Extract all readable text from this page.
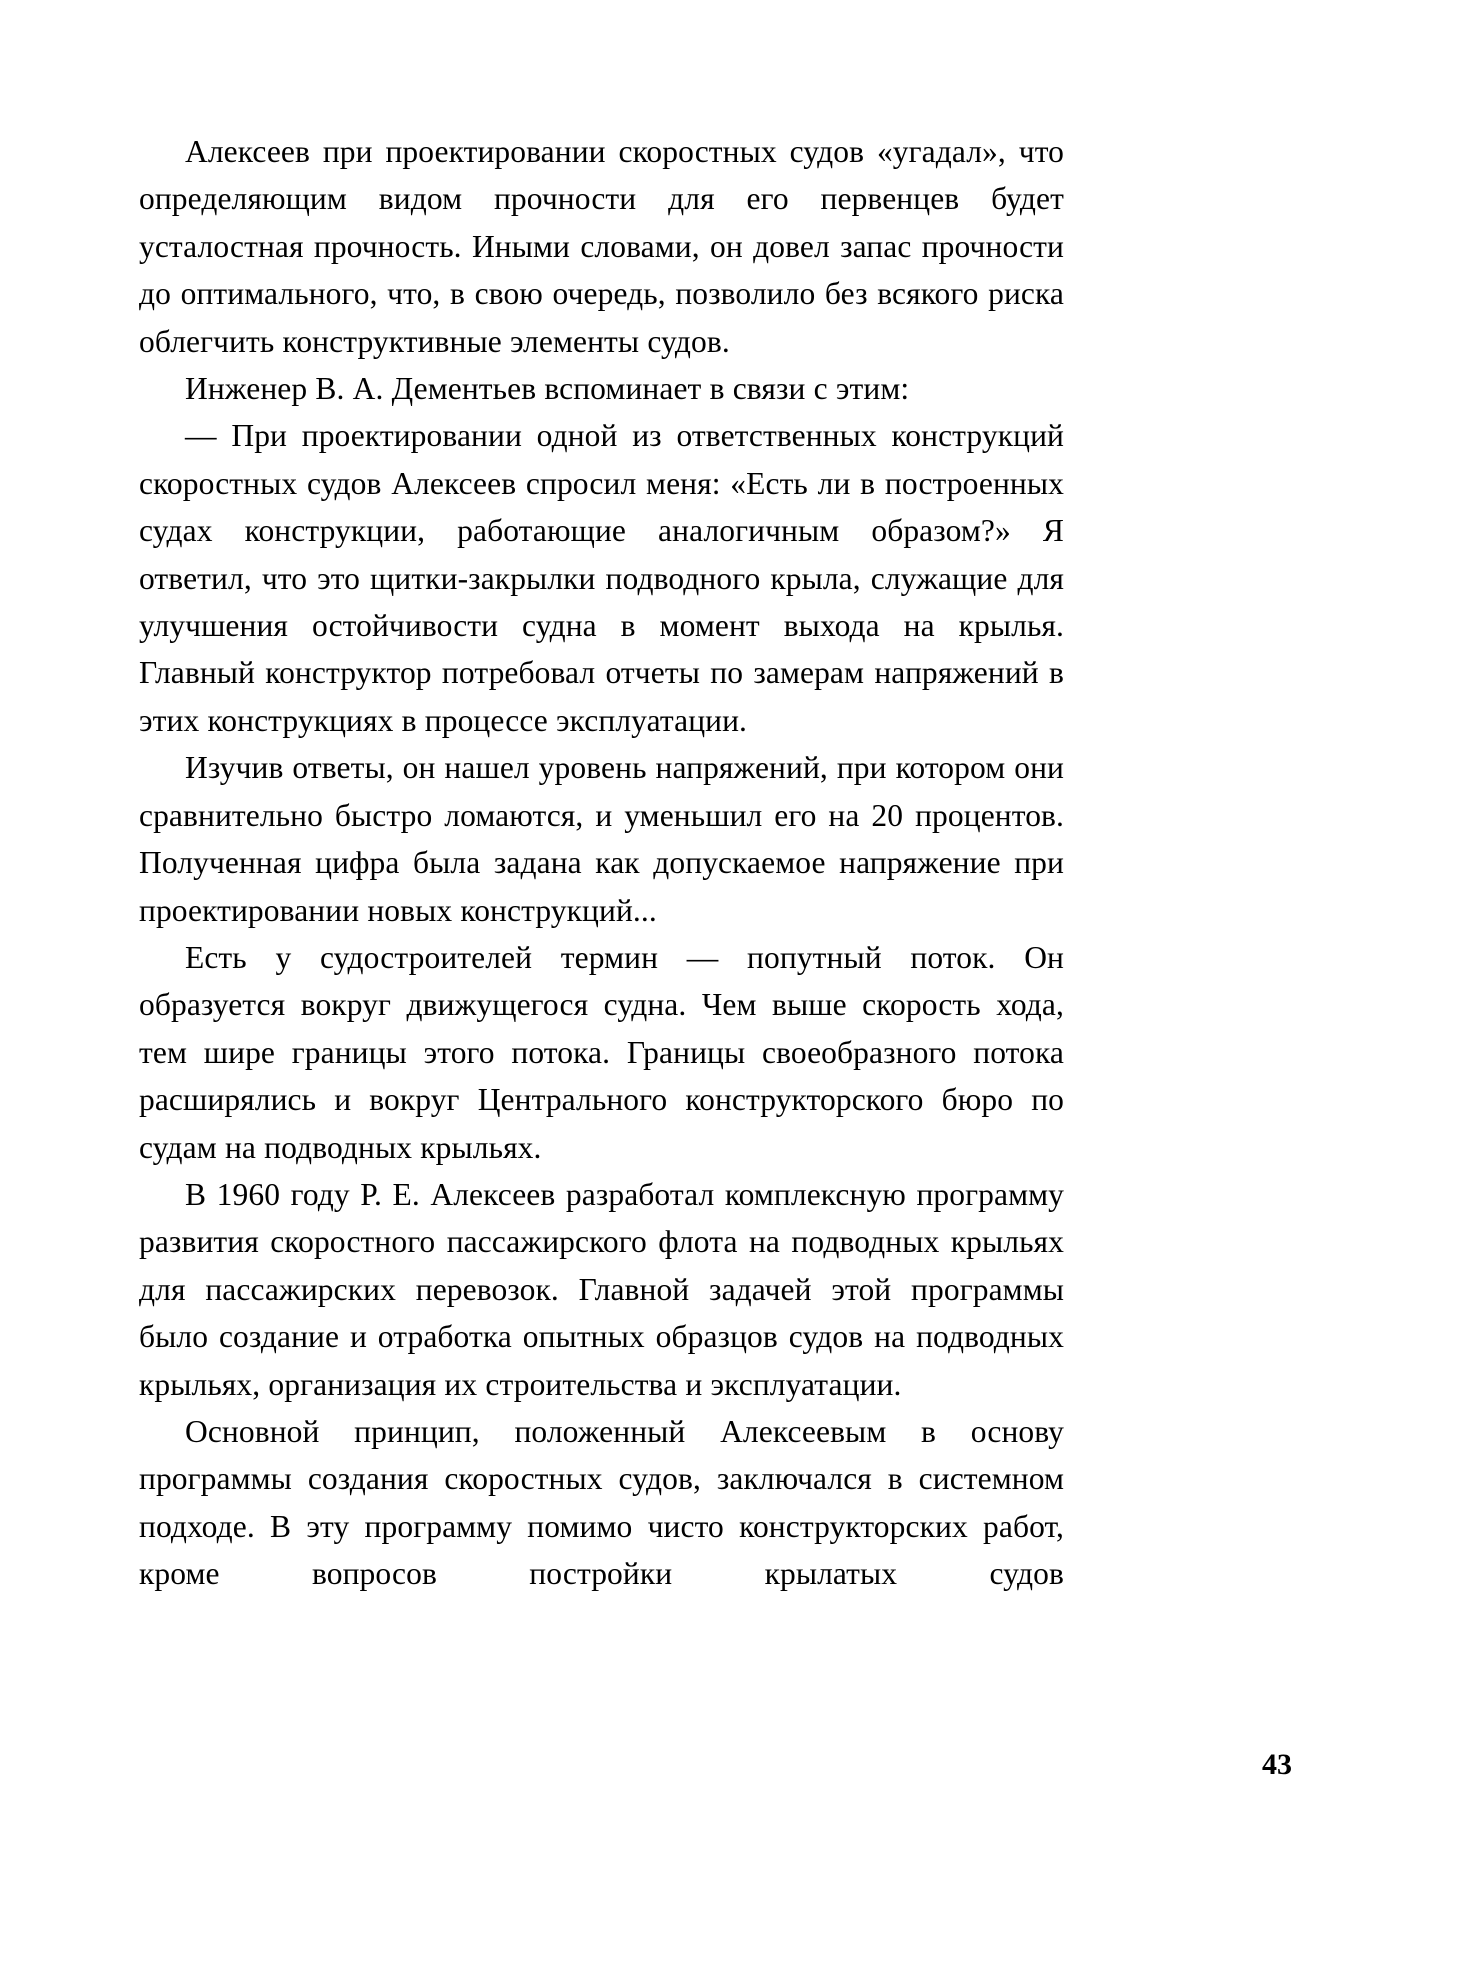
Алексеев при проектировании скоростных судов «угадал», что определяющим видом прочности для его первенцев будет усталостная прочность. Иными словами, он довел запас прочности до оптимального, что, в свою очередь, позволило без всякого риска облегчить конструктивные элементы судов.

Инженер В. А. Дементьев вспоминает в связи с этим:

— При проектировании одной из ответственных конструкций скоростных судов Алексеев спросил меня: «Есть ли в построенных судах конструкции, работающие аналогичным образом?» Я ответил, что это щитки-закрылки подводного крыла, служащие для улучшения остойчивости судна в момент выхода на крылья. Главный конструктор потребовал отчеты по замерам напряжений в этих конструкциях в процессе эксплуатации.

Изучив ответы, он нашел уровень напряжений, при котором они сравнительно быстро ломаются, и уменьшил его на 20 процентов. Полученная цифра была задана как допускаемое напряжение при проектировании новых конструкций...

Есть у судостроителей термин — попутный поток. Он образуется вокруг движущегося судна. Чем выше скорость хода, тем шире границы этого потока. Границы своеобразного потока расширялись и вокруг Центрального конструкторского бюро по судам на подводных крыльях.

В 1960 году Р. Е. Алексеев разработал комплексную программу развития скоростного пассажирского флота на подводных крыльях для пассажирских перевозок. Главной задачей этой программы было создание и отработка опытных образцов судов на подводных крыльях, организация их строительства и эксплуатации.

Основной принцип, положенный Алексеевым в основу программы создания скоростных судов, заключался в системном подходе. В эту программу помимо чисто конструкторских работ, кроме вопросов постройки крылатых судов

43
